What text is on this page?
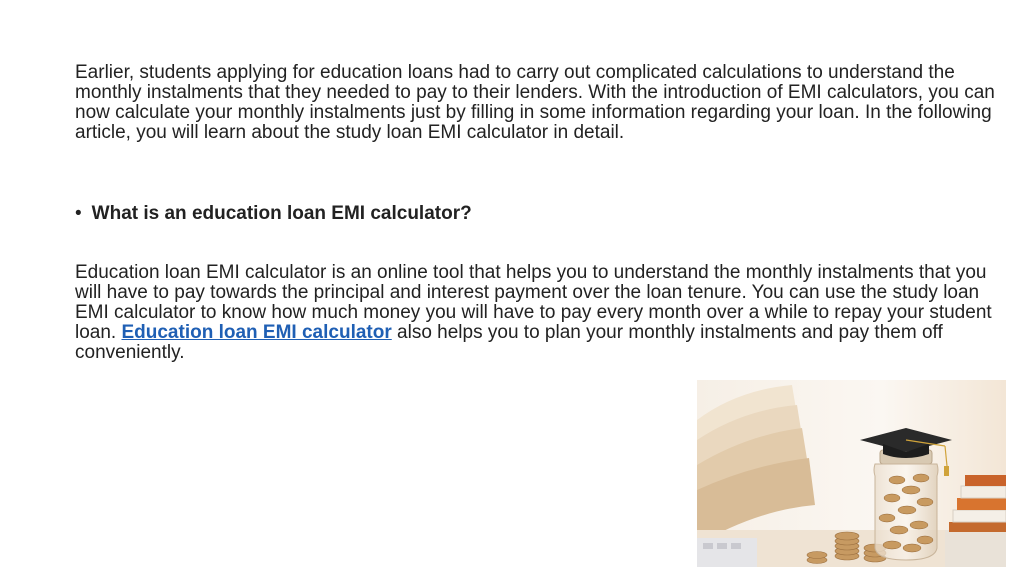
Earlier, students applying for education loans had to carry out complicated calculations to understand the monthly instalments that they needed to pay to their lenders. With the introduction of EMI calculators, you can now calculate your monthly instalments just by filling in some information regarding your loan. In the following article, you will learn about the study loan EMI calculator in detail.

• What is an education loan EMI calculator?

Education loan EMI calculator is an online tool that helps you to understand the monthly instalments that you will have to pay towards the principal and interest payment over the loan tenure. You can use the study loan EMI calculator to know how much money you will have to pay every month over a while to repay your student loan. Education loan EMI calculator also helps you to plan your monthly instalments and pay them off conveniently.
